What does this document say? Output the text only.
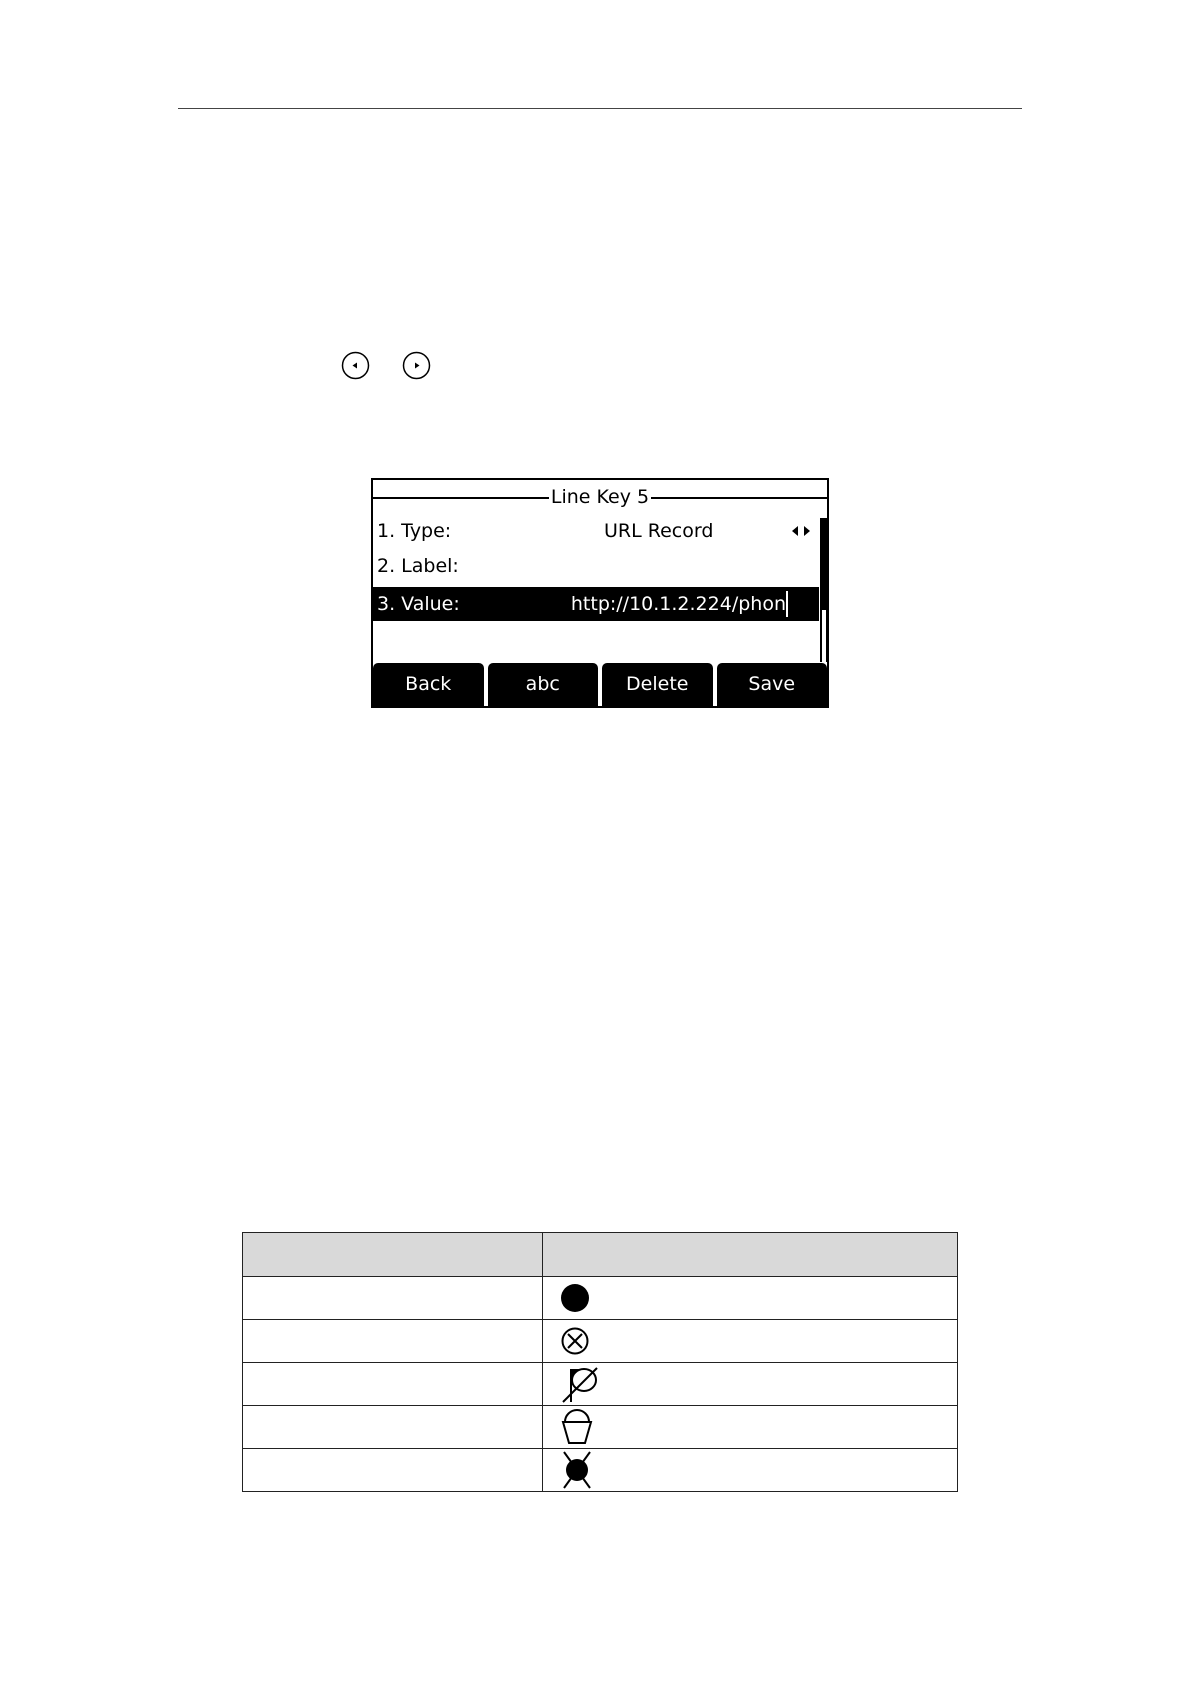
Line Key 5
1. Type:	URL Record
2. Label:
3. Value:	http://10.1.2.224/phon
Back	abc	Delete	Save
